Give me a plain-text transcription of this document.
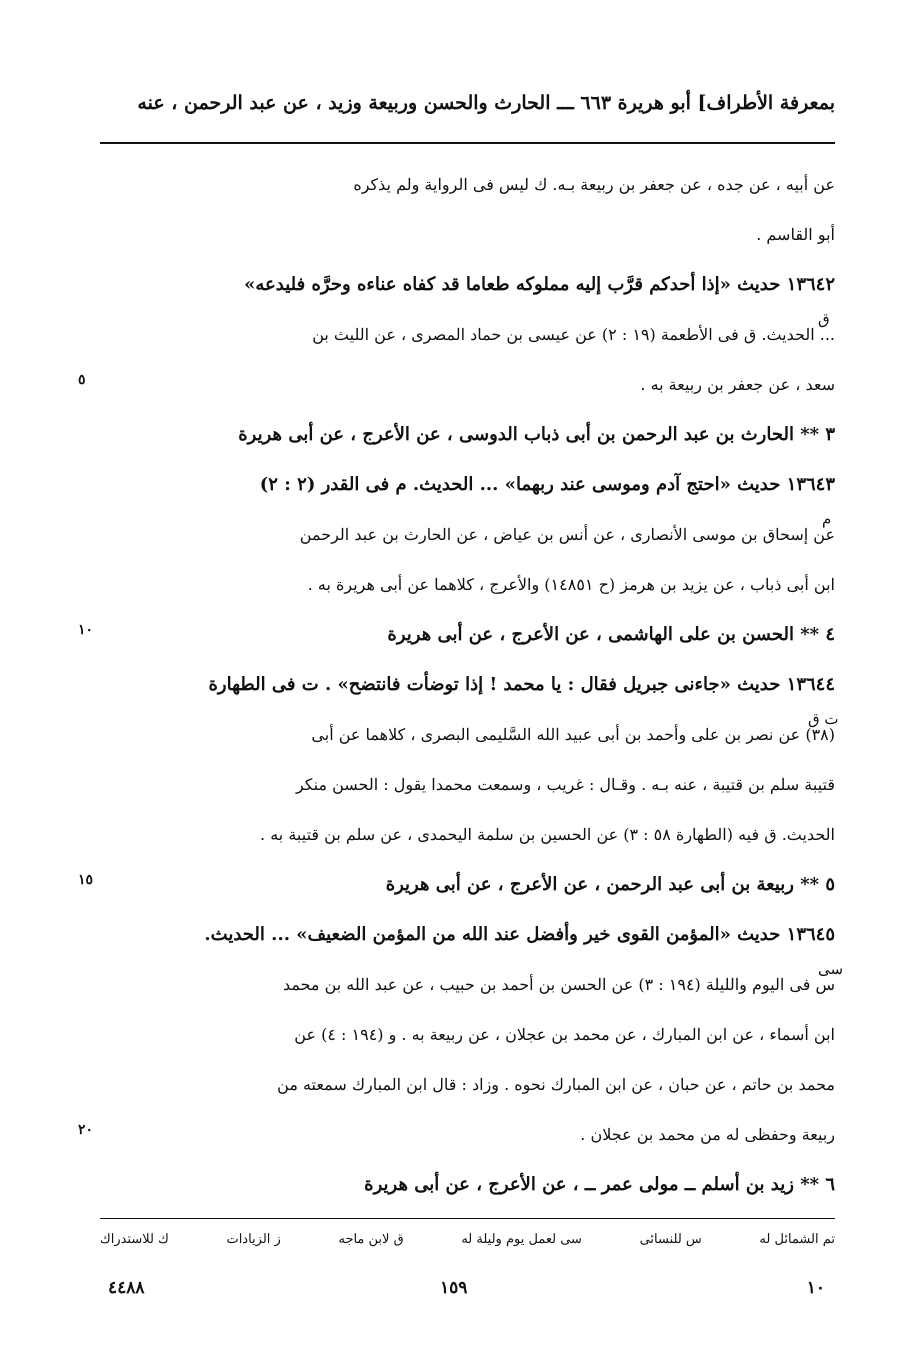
بمعرفة الأطراف] أبو هريرة ٦٦٣ ـــ الحارث والحسن وربيعة وزيد ، عن عبد الرحمن ، عنه
عن أبيه ، عن جده ، عن جعفر بن ربيعة بـه. ك ليس فى الرواية ولم يذكره
أبو القاسم .
١٣٦٤٢ حديث «إذا أحدكم قرَّب إليه مملوكه طعاما قد كفاه عناءه وحرَّه فليدعه»
... الحديث. ق فى الأطعمة (١٩ : ٢) عن عيسى بن حماد المصرى ، عن الليث بن
سعد ، عن جعفر بن ربيعة به .
٣ ** الحارث بن عبد الرحمن بن أبى ذباب الدوسى ، عن الأعرج ، عن أبى هريرة
١٣٦٤٣ حديث «احتج آدم وموسى عند ربهما» ... الحديث. م فى القدر (٢ : ٢)
عن إسحاق بن موسى الأنصارى ، عن أنس بن عياض ، عن الحارث بن عبد الرحمن
ابن أبى ذباب ، عن يزيد بن هرمز (ح ١٤٨٥١) والأعرج ، كلاهما عن أبى هريرة به .
٤ ** الحسن بن على الهاشمى ، عن الأعرج ، عن أبى هريرة
١٣٦٤٤ حديث «جاءنى جبريل فقال : يا محمد ! إذا توضأت فانتضح» . ت فى الطهارة
(٣٨) عن نصر بن على وأحمد بن أبى عبيد الله السَّليمى البصرى ، كلاهما عن أبى
قتيبة سلم بن قتيبة ، عنه بـه . وقـال : غريب ، وسمعت محمدا يقول : الحسن منكر
الحديث. ق فيه (الطهارة ٥٨ : ٣) عن الحسين بن سلمة اليحمدى ، عن سلم بن قتيبة به .
٥ ** ربيعة بن أبى عبد الرحمن ، عن الأعرج ، عن أبى هريرة
١٣٦٤٥ حديث «المؤمن القوى خير وأفضل عند الله من المؤمن الضعيف» ... الحديث.
س فى اليوم والليلة (١٩٤ : ٣) عن الحسن بن أحمد بن حبيب ، عن عبد الله بن محمد
ابن أسماء ، عن ابن المبارك ، عن محمد بن عجلان ، عن ربيعة به . و (١٩٤ : ٤) عن
محمد بن حاتم ، عن حبان ، عن ابن المبارك نحوه . وزاد : قال ابن المبارك سمعته من
ربيعة وحفظى له من محمد بن عجلان .
٦ ** زيد بن أسلم ــ مولى عمر ــ ، عن الأعرج ، عن أبى هريرة
ق
م
ت ق
سى
٥
١٠
١٥
٢٠
تم الشمائل له
س للنسائى
سى لعمل يوم وليلة له
ق لابن ماجه
ز الزيادات
ك للاستدراك
٤٤٨٨	١٥٩	١٠
